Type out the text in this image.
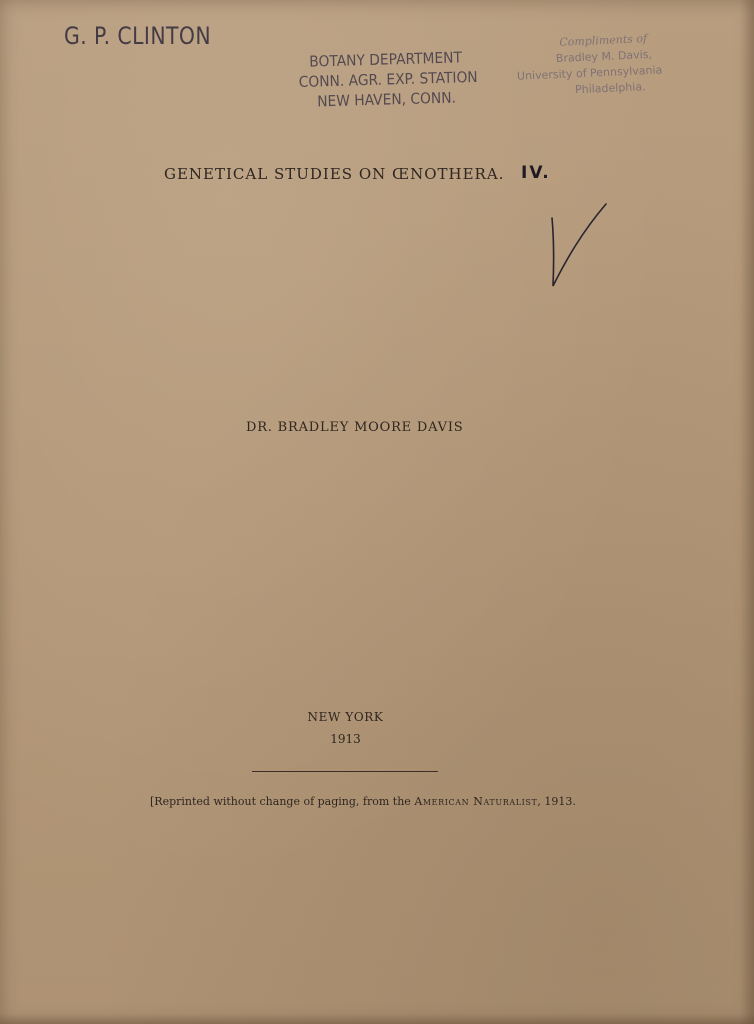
G. P. CLINTON
BOTANY DEPARTMENT
CONN. AGR. EXP. STATION
NEW HAVEN, CONN.
Compliments of
Bradley M. Davis,
University of Pennsylvania
Philadelphia.
GENETICAL STUDIES ON ŒNOTHERA. IV.
DR. BRADLEY MOORE DAVIS
NEW YORK
1913
[Reprinted without change of paging, from the American Naturalist, 1913.
